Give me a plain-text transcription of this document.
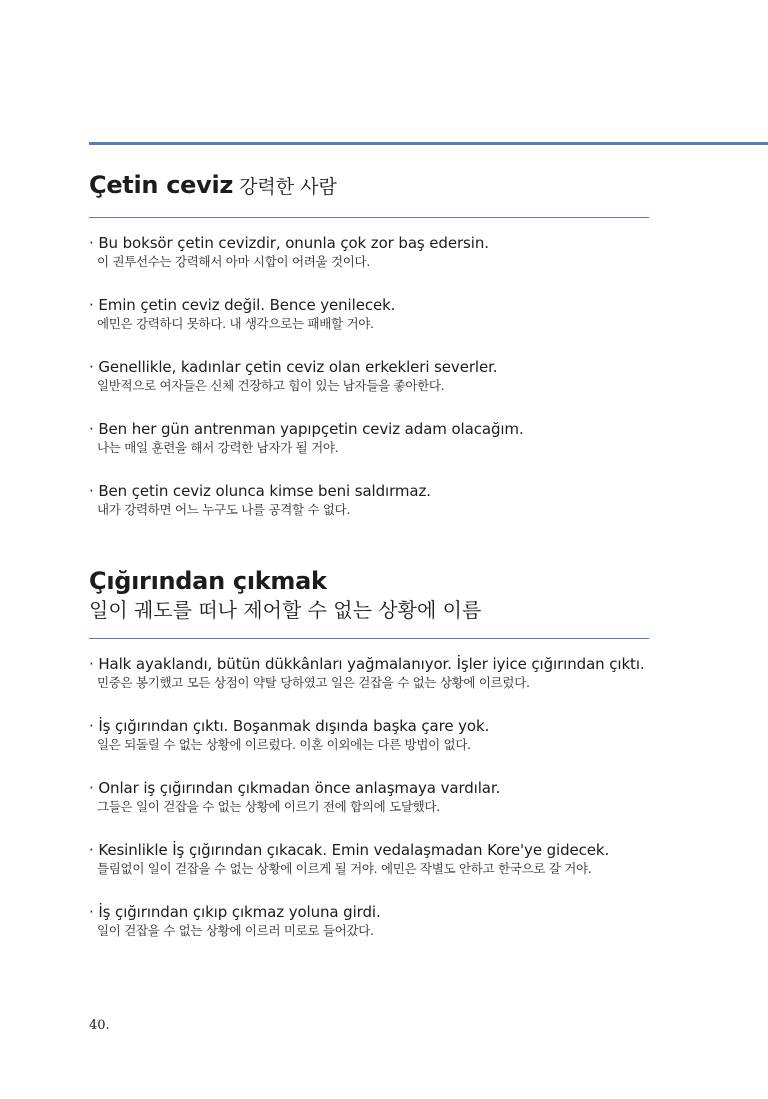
Çetin ceviz 강력한 사람
· Bu boksör çetin cevizdir, onunla çok zor baş edersin.
이 권투선수는 강력해서 아마 시합이 어려울 것이다.
· Emin çetin ceviz değil. Bence yenilecek.
에민은 강력하디 못하다. 내 생각으로는 패배할 거야.
· Genellikle, kadınlar çetin ceviz olan erkekleri severler.
일반적으로 여자들은 신체 건장하고 힘이 있는 남자들을 좋아한다.
· Ben her gün antrenman yapıpçetin ceviz adam olacağım.
나는 매일 훈련을 해서 강력한 남자가 될 거야.
· Ben çetin ceviz olunca kimse beni saldırmaz.
내가 강력하면 어느 누구도 나를 공격할 수 없다.
Çığırından çıkmak
일이 궤도를 떠나 제어할 수 없는 상황에 이름
· Halk ayaklandı, bütün dükkânları yağmalanıyor. İşler iyice çığırından çıktı.
민중은 봉기했고 모든 상점이 약탈 당하였고 일은 걷잡을 수 없는 상황에 이르렀다.
· İş çığırından çıktı. Boşanmak dışında başka çare yok.
일은 되돌릴 수 없는 상황에 이르렀다. 이혼 이외에는 다른 방법이 없다.
· Onlar iş çığırından çıkmadan önce anlaşmaya vardılar.
그들은 일이 걷잡을 수 없는 상황에 이르기 전에 합의에 도달했다.
· Kesinlikle İş çığırından çıkacak. Emin vedalaşmadan Kore'ye gidecek.
틀림없이 일이 걷잡을 수 없는 상황에 이르게 될 거야. 에민은 작별도 안하고 한국으로 갈 거야.
· İş çığırından çıkıp çıkmaz yoluna girdi.
일이 걷잡을 수 없는 상황에 이르러 미로로 들어갔다.
40.
